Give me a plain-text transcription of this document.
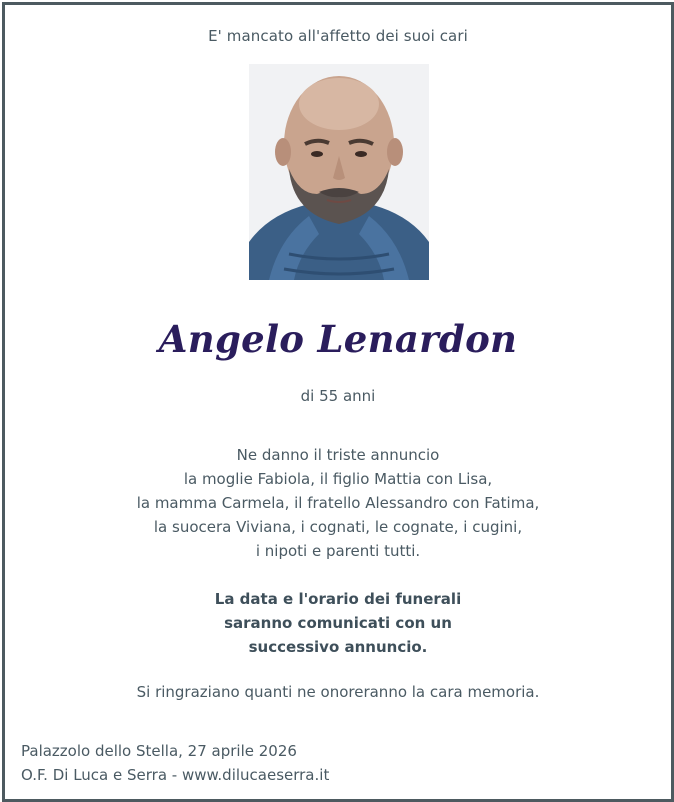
E' mancato all'affetto dei suoi cari
Angelo Lenardon
di 55 anni
Ne danno il triste annuncio
la moglie Fabiola, il figlio Mattia con Lisa,
la mamma Carmela, il fratello Alessandro con Fatima,
la suocera Viviana, i cognati, le cognate, i cugini,
i nipoti e parenti tutti.
La data e l'orario dei funerali
saranno comunicati con un
successivo annuncio.
Si ringraziano quanti ne onoreranno la cara memoria.
Palazzolo dello Stella, 27 aprile 2026
O.F. Di Luca e Serra - www.dilucaeserra.it
